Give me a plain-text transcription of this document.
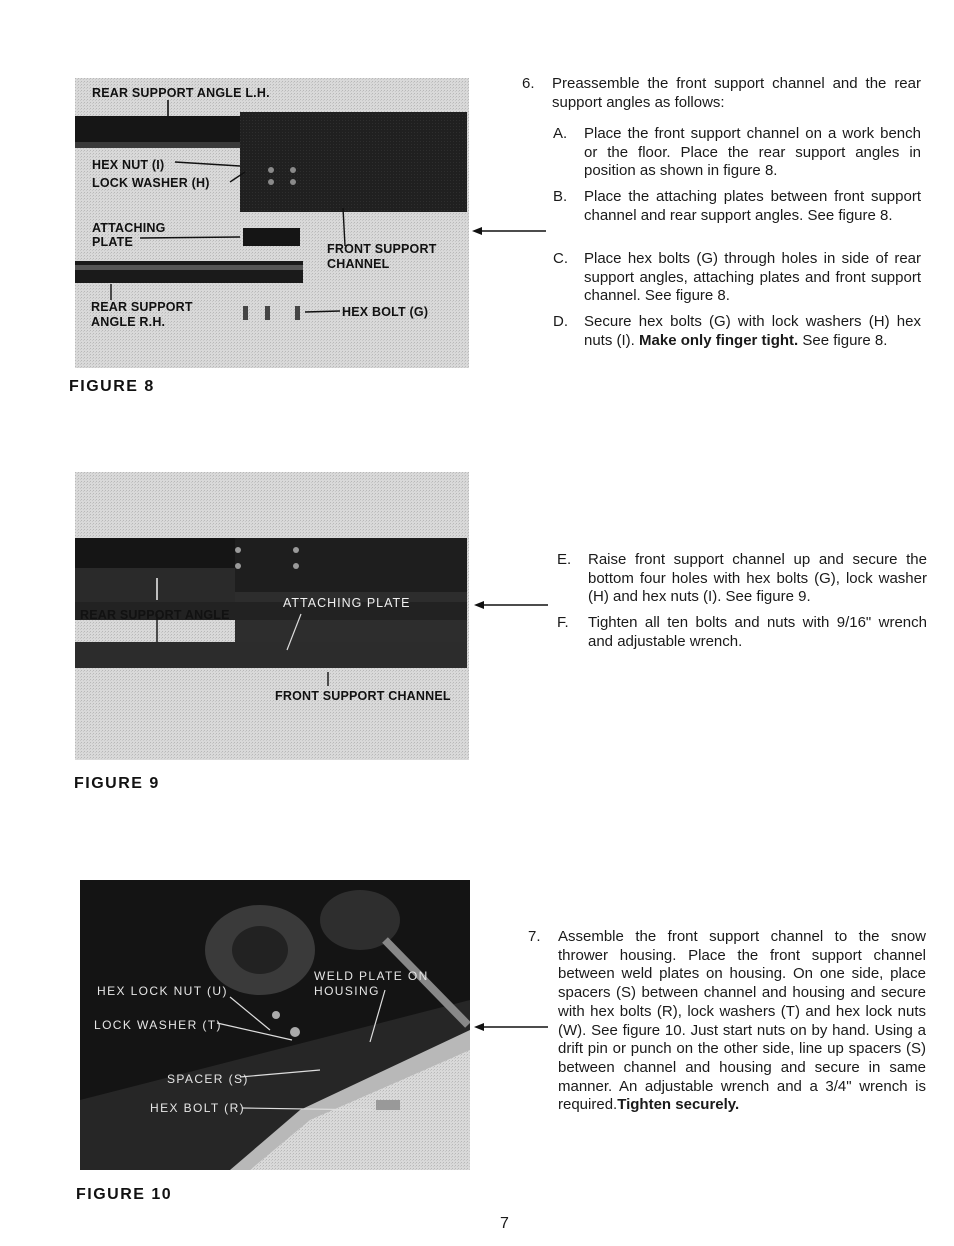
REAR SUPPORT ANGLE L.H.
HEX NUT (I)
LOCK WASHER (H)
ATTACHING
PLATE	FRONT SUPPORT
CHANNEL
REAR SUPPORT
ANGLE R.H.
HEX BOLT (G)
FIGURE 8
REAR SUPPORT ANGLE
ATTACHING PLATE
FRONT SUPPORT CHANNEL
FIGURE 9
HEX LOCK NUT (U)
LOCK WASHER (T)
SPACER (S)
HEX BOLT (R)
WELD PLATE ON
HOUSING
FIGURE 10
6. Preassemble the front support channel and the rear support angles as follows:
A. Place the front support channel on a work bench or the floor. Place the rear support angles in position as shown in figure 8.
B. Place the attaching plates between front support channel and rear support angles. See figure 8.
C. Place hex bolts (G) through holes in side of rear support angles, attaching plates and front support channel. See figure 8.
D. Secure hex bolts (G) with lock washers (H) hex nuts (I). Make only finger tight. See figure 8.
E. Raise front support channel up and secure the bottom four holes with hex bolts (G), lock washer (H) and hex nuts (I). See figure 9.
F. Tighten all ten bolts and nuts with 9/16" wrench and adjustable wrench.
7. Assemble the front support channel to the snow thrower housing. Place the front support channel between weld plates on housing. On one side, place spacers (S) between channel and housing and secure with hex bolts (R), lock washers (T) and hex lock nuts (W). See figure 10. Just start nuts on by hand. Using a drift pin or punch on the other side, line up spacers (S) between channel and housing and secure in same manner. An adjustable wrench and a 3/4" wrench is required.Tighten securely.
7
